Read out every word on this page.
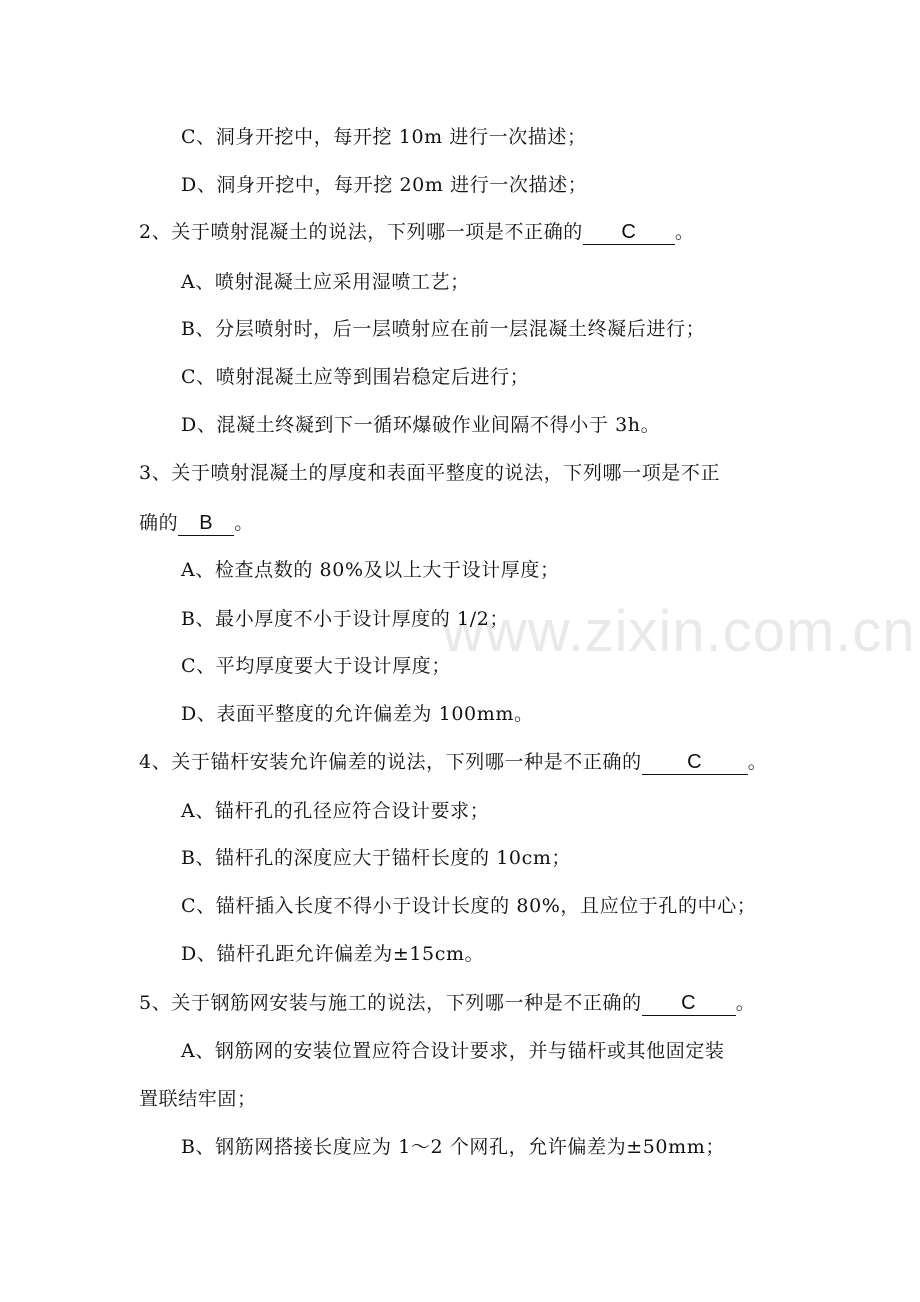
www.zixin.com.cn
C、洞身开挖中，每开挖 10m 进行一次描述；
D、洞身开挖中，每开挖 20m 进行一次描述；
2、关于喷射混凝土的说法，下列哪一项是不正确的 C 。
A、喷射混凝土应采用湿喷工艺；
B、分层喷射时，后一层喷射应在前一层混凝土终凝后进行；
C、喷射混凝土应等到围岩稳定后进行；
D、混凝土终凝到下一循环爆破作业间隔不得小于 3h。
3、关于喷射混凝土的厚度和表面平整度的说法，下列哪一项是不正
确的 B 。
A、检查点数的 80%及以上大于设计厚度；
B、最小厚度不小于设计厚度的 1/2；
C、平均厚度要大于设计厚度；
D、表面平整度的允许偏差为 100mm。
4、关于锚杆安装允许偏差的说法，下列哪一种是不正确的 C 。
A、锚杆孔的孔径应符合设计要求；
B、锚杆孔的深度应大于锚杆长度的 10cm；
C、锚杆插入长度不得小于设计长度的 80%，且应位于孔的中心；
D、锚杆孔距允许偏差为±15cm。
5、关于钢筋网安装与施工的说法，下列哪一种是不正确的 C 。
A、钢筋网的安装位置应符合设计要求，并与锚杆或其他固定装
置联结牢固；
B、钢筋网搭接长度应为 1～2 个网孔，允许偏差为±50mm；
